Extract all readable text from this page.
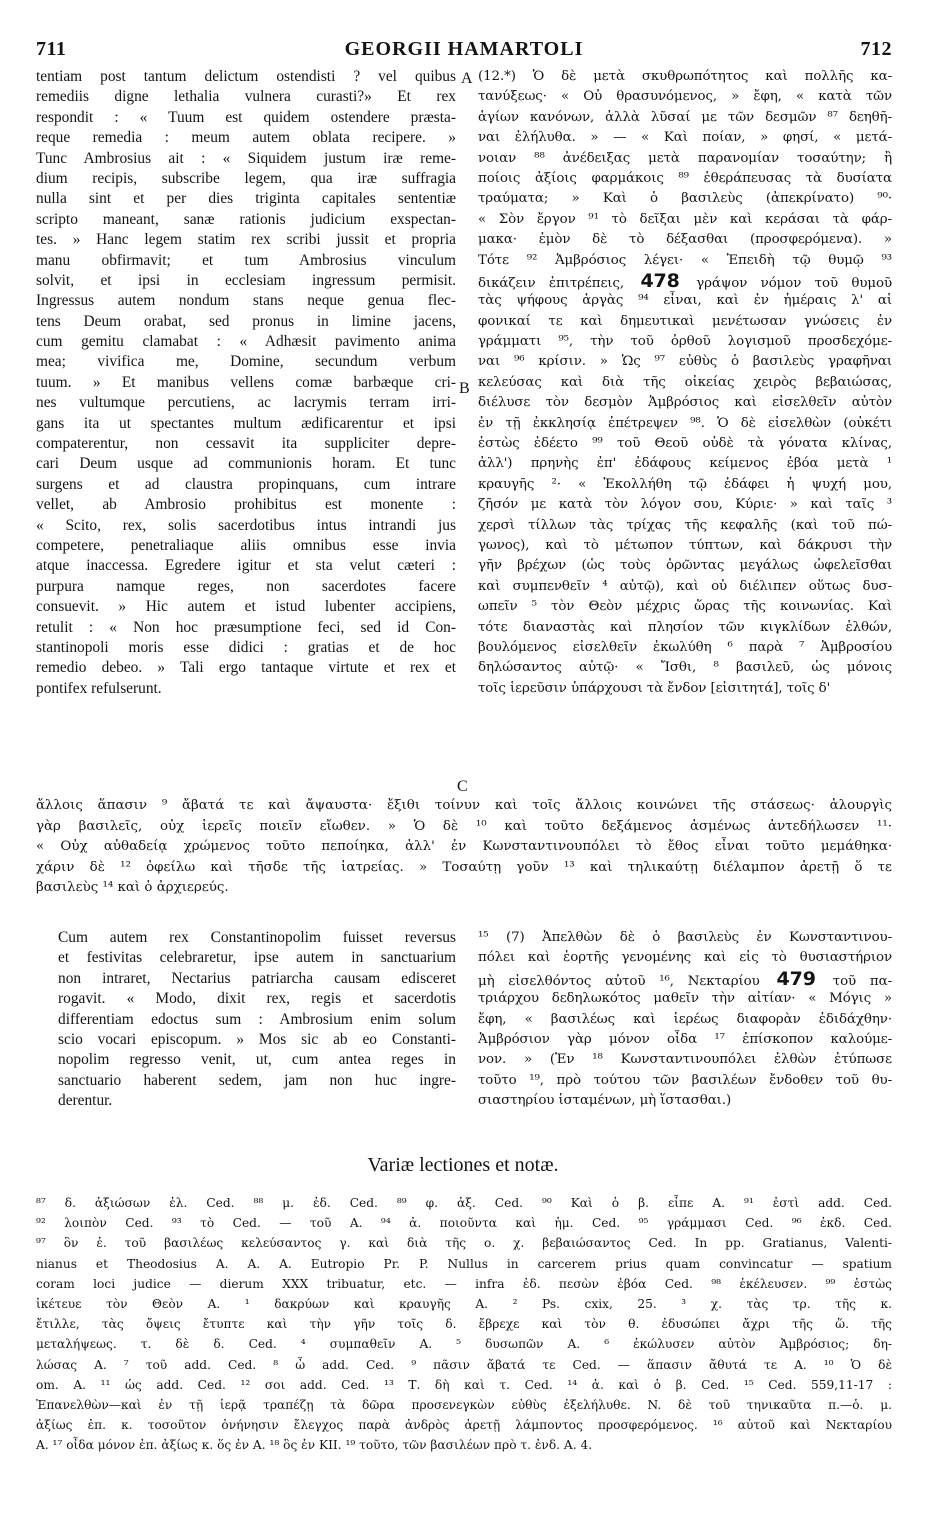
711	GEORGII HAMARTOLI	712
A
B
C
tentiam post tantum delictum ostendisti ? vel quibus
remediis digne lethalia vulnera curasti?» Et rex
respondit : « Tuum est quidem ostendere præsta-
reque remedia : meum autem oblata recipere. »
Tunc Ambrosius ait : « Siquidem justum iræ reme-
dium recipis, subscribe legem, qua iræ suffragia
nulla sint et per dies triginta capitales sententiæ
scripto maneant, sanæ rationis judicium exspectan-
tes. » Hanc legem statim rex scribi jussit et propria
manu obfirmavit; et tum Ambrosius vinculum
solvit, et ipsi in ecclesiam ingressum permisit.
Ingressus autem nondum stans neque genua flec-
tens Deum orabat, sed pronus in limine jacens,
cum gemitu clamabat : « Adhæsit pavimento anima
mea; vivifica me, Domine, secundum verbum
tuum. » Et manibus vellens comæ barbæque cri-
nes vultumque percutiens, ac lacrymis terram irri-
gans ita ut spectantes multum ædificarentur et ipsi
compaterentur, non cessavit ita suppliciter depre-
cari Deum usque ad communionis horam. Et tunc
surgens et ad claustra propinquans, cum intrare
vellet, ab Ambrosio prohibitus est monente :
« Scito, rex, solis sacerdotibus intus intrandi jus
competere, penetraliaque aliis omnibus esse invia
atque inaccessa. Egredere igitur et sta velut cæteri :
purpura namque reges, non sacerdotes facere
consuevit. » Hic autem et istud lubenter accipiens,
retulit : « Non hoc præsumptione feci, sed id Con-
stantinopoli moris esse didici : gratias et de hoc
remedio debeo. » Tali ergo tantaque virtute et rex et
pontifex refulserunt.
(12.*) Ὁ δὲ μετὰ σκυθρωπότητος καὶ πολλῆς κα-
τανύξεως· « Οὐ θρασυνόμενος, » ἔφη, « κατὰ τῶν
ἁγίων κανόνων, ἀλλὰ λῦσαί με τῶν δεσμῶν ⁸⁷ δεηθῆ-
ναι ἐλήλυθα. » — « Καὶ ποίαν, » φησί, « μετά-
νοιαν ⁸⁸ ἀνέδειξας μετὰ παρανομίαν τοσαύτην; ἢ
ποίοις ἀξίοις φαρμάκοις ⁸⁹ ἐθεράπευσας τὰ δυσίατα
τραύματα; » Καὶ ὁ βασιλεὺς (ἀπεκρίνατο) ⁹⁰·
« Σὸν ἔργον ⁹¹ τὸ δεῖξαι μὲν καὶ κεράσαι τὰ φάρ-
μακα· ἐμὸν δὲ τὸ δέξασθαι (προσφερόμενα). »
Τότε ⁹² Ἀμβρόσιος λέγει· « Ἐπειδὴ τῷ θυμῷ ⁹³
δικάζειν ἐπιτρέπεις, 478 γράψον νόμον τοῦ θυμοῦ
τὰς ψήφους ἀργὰς ⁹⁴ εἶναι, καὶ ἐν ἡμέραις λ' αἱ
φονικαί τε καὶ δημευτικαὶ μενέτωσαν γνώσεις ἐν
γράμματι ⁹⁵, τὴν τοῦ ὀρθοῦ λογισμοῦ προσδεχόμε-
ναι ⁹⁶ κρίσιν. » Ὡς ⁹⁷ εὐθὺς ὁ βασιλεὺς γραφῆναι
κελεύσας καὶ διὰ τῆς οἰκείας χειρὸς βεβαιώσας,
διέλυσε τὸν δεσμὸν Ἀμβρόσιος καὶ εἰσελθεῖν αὐτὸν
ἐν τῇ ἐκκλησίᾳ ἐπέτρεψεν ⁹⁸. Ὁ δὲ εἰσελθὼν (οὐκέτι
ἑστὼς ἐδέετο ⁹⁹ τοῦ Θεοῦ οὐδὲ τὰ γόνατα κλίνας,
ἀλλ') πρηνὴς ἐπ' ἐδάφους κείμενος ἐβόα μετὰ ¹
κραυγῆς ²· « Ἐκολλήθη τῷ ἐδάφει ἡ ψυχή μου,
ζῆσόν με κατὰ τὸν λόγον σου, Κύριε· » καὶ ταῖς ³
χερσὶ τίλλων τὰς τρίχας τῆς κεφαλῆς (καὶ τοῦ πώ-
γωνος), καὶ τὸ μέτωπον τύπτων, καὶ δάκρυσι τὴν
γῆν βρέχων (ὡς τοὺς ὁρῶντας μεγάλως ὠφελεῖσθαι
καὶ συμπενθεῖν ⁴ αὐτῷ), καὶ οὐ διέλιπεν οὕτως δυσ-
ωπεῖν ⁵ τὸν Θεὸν μέχρις ὥρας τῆς κοινωνίας. Καὶ
τότε διαναστὰς καὶ πλησίον τῶν κιγκλίδων ἐλθών,
βουλόμενος εἰσελθεῖν ἐκωλύθη ⁶ παρὰ ⁷ Ἀμβροσίου
δηλώσαντος αὐτῷ· « Ἴσθι, ⁸ βασιλεῦ, ὡς μόνοις
τοῖς ἱερεῦσιν ὑπάρχουσι τὰ ἔνδον [εἰσιτητά], τοῖς δ'
ἄλλοις ἅπασιν ⁹ ἄβατά τε καὶ ἄψαυστα· ἔξιθι τοίνυν καὶ τοῖς ἄλλοις κοινώνει τῆς στάσεως· ἁλουργὶς
γὰρ βασιλεῖς, οὐχ ἱερεῖς ποιεῖν εἴωθεν. » Ὁ δὲ ¹⁰ καὶ τοῦτο δεξάμενος ἀσμένως ἀντεδήλωσεν ¹¹·
« Οὐχ αὐθαδείᾳ χρώμενος τοῦτο πεποίηκα, ἀλλ' ἐν Κωνσταντινουπόλει τὸ ἔθος εἶναι τοῦτο μεμάθηκα·
χάριν δὲ ¹² ὀφείλω καὶ τῆσδε τῆς ἰατρείας. » Τοσαύτῃ γοῦν ¹³ καὶ τηλικαύτῃ διέλαμπον ἀρετῇ ὅ τε
βασιλεὺς ¹⁴ καὶ ὁ ἀρχιερεύς.
Cum autem rex Constantinopolim fuisset reversus
et festivitas celebraretur, ipse autem in sanctuarium
non intraret, Nectarius patriarcha causam edisceret
rogavit. « Modo, dixit rex, regis et sacerdotis
differentiam edoctus sum : Ambrosium enim solum
scio vocari episcopum. » Mos sic ab eo Constanti-
nopolim regresso venit, ut, cum antea reges in
sanctuario haberent sedem, jam non huc ingre-
derentur.
¹⁵ (7) Ἀπελθὼν δὲ ὁ βασιλεὺς ἐν Κωνσταντινου-
πόλει καὶ ἑορτῆς γενομένης καὶ εἰς τὸ θυσιαστήριον
μὴ εἰσελθόντος αὐτοῦ ¹⁶, Νεκταρίου 479 τοῦ πα-
τριάρχου δεδηλωκότος μαθεῖν τὴν αἰτίαν· « Μόγις »
ἔφη, « βασιλέως καὶ ἱερέως διαφορὰν ἐδιδάχθην·
Ἀμβρόσιον γὰρ μόνον οἶδα ¹⁷ ἐπίσκοπον καλούμε-
νον. » (Ἐν ¹⁸ Κωνσταντινουπόλει ἐλθὼν ἐτύπωσε
τοῦτο ¹⁹, πρὸ τούτου τῶν βασιλέων ἔνδοθεν τοῦ θυ-
σιαστηρίου ἱσταμένων, μὴ ἵστασθαι.)
Variæ lectiones et notæ.
⁸⁷ δ. ἀξιώσων ἐλ. Ced. ⁸⁸ μ. ἐδ. Ced. ⁸⁹ φ. ἀξ. Ced. ⁹⁰ Καὶ ὁ β. εἶπε A. ⁹¹ ἐστὶ add. Ced.
⁹² λοιπὸν Ced. ⁹³ τὸ Ced. — τοῦ A. ⁹⁴ ἀ. ποιοῦντα καὶ ἡμ. Ced. ⁹⁵ γράμμασι Ced. ⁹⁶ ἐκδ. Ced.
⁹⁷ ὃν ἐ. τοῦ βασιλέως κελεύσαντος γ. καὶ διὰ τῆς ο. χ. βεβαιώσαντος Ced. In pp. Gratianus, Valenti-
nianus et Theodosius A. A. A. Eutropio Pr. P. Nullus in carcerem prius quam convincatur — spatium
coram loci judice — dierum XXX tribuatur, etc. — infra ἐδ. πεσὼν ἐβόα Ced. ⁹⁸ ἐκέλευσεν. ⁹⁹ ἑστὼς
ἱκέτευε τὸν Θεὸν A. ¹ δακρύων καὶ κραυγῆς A. ² Ps. cxix, 25. ³ χ. τὰς τρ. τῆς κ.
ἔτιλλε, τὰς ὄψεις ἔτυπτε καὶ τὴν γῆν τοῖς δ. ἔβρεχε καὶ τὸν θ. ἐδυσώπει ἄχρι τῆς ὥ. τῆς
μεταλήψεως. τ. δὲ δ. Ced. ⁴ συμπαθεῖν A. ⁵ δυσωπῶν A. ⁶ ἐκώλυσεν αὐτὸν Ἀμβρόσιος; δη-
λώσας A. ⁷ τοῦ add. Ced. ⁸ ὦ add. Ced. ⁹ πᾶσιν ἄβατά τε Ced. — ἅπασιν ἄθυτά τε A. ¹⁰ Ὁ δὲ
om. A. ¹¹ ὡς add. Ced. ¹² σοι add. Ced. ¹³ Τ. δὴ καὶ τ. Ced. ¹⁴ ἀ. καὶ ὁ β. Ced. ¹⁵ Ced. 559,11-17 :
Ἐπανελθὼν—καὶ ἐν τῇ ἱερᾷ τραπέζῃ τὰ δῶρα προσενεγκὼν εὐθὺς ἐξελήλυθε. N. δὲ τοῦ τηνικαῦτα π.—ὁ. μ.
ἀξίως ἐπ. κ. τοσοῦτον ὀνήνησιν ἔλεγχος παρὰ ἀνδρὸς ἀρετῇ λάμποντος προσφερόμενος. ¹⁶ αὐτοῦ καὶ Νεκταρίου
A. ¹⁷ οἶδα μόνον ἐπ. ἀξίως κ. ὅς ἐν A. ¹⁸ ὃς ἐν KII. ¹⁹ τοῦτο, τῶν βασιλέων πρὸ τ. ἐνδ. A. 4.
